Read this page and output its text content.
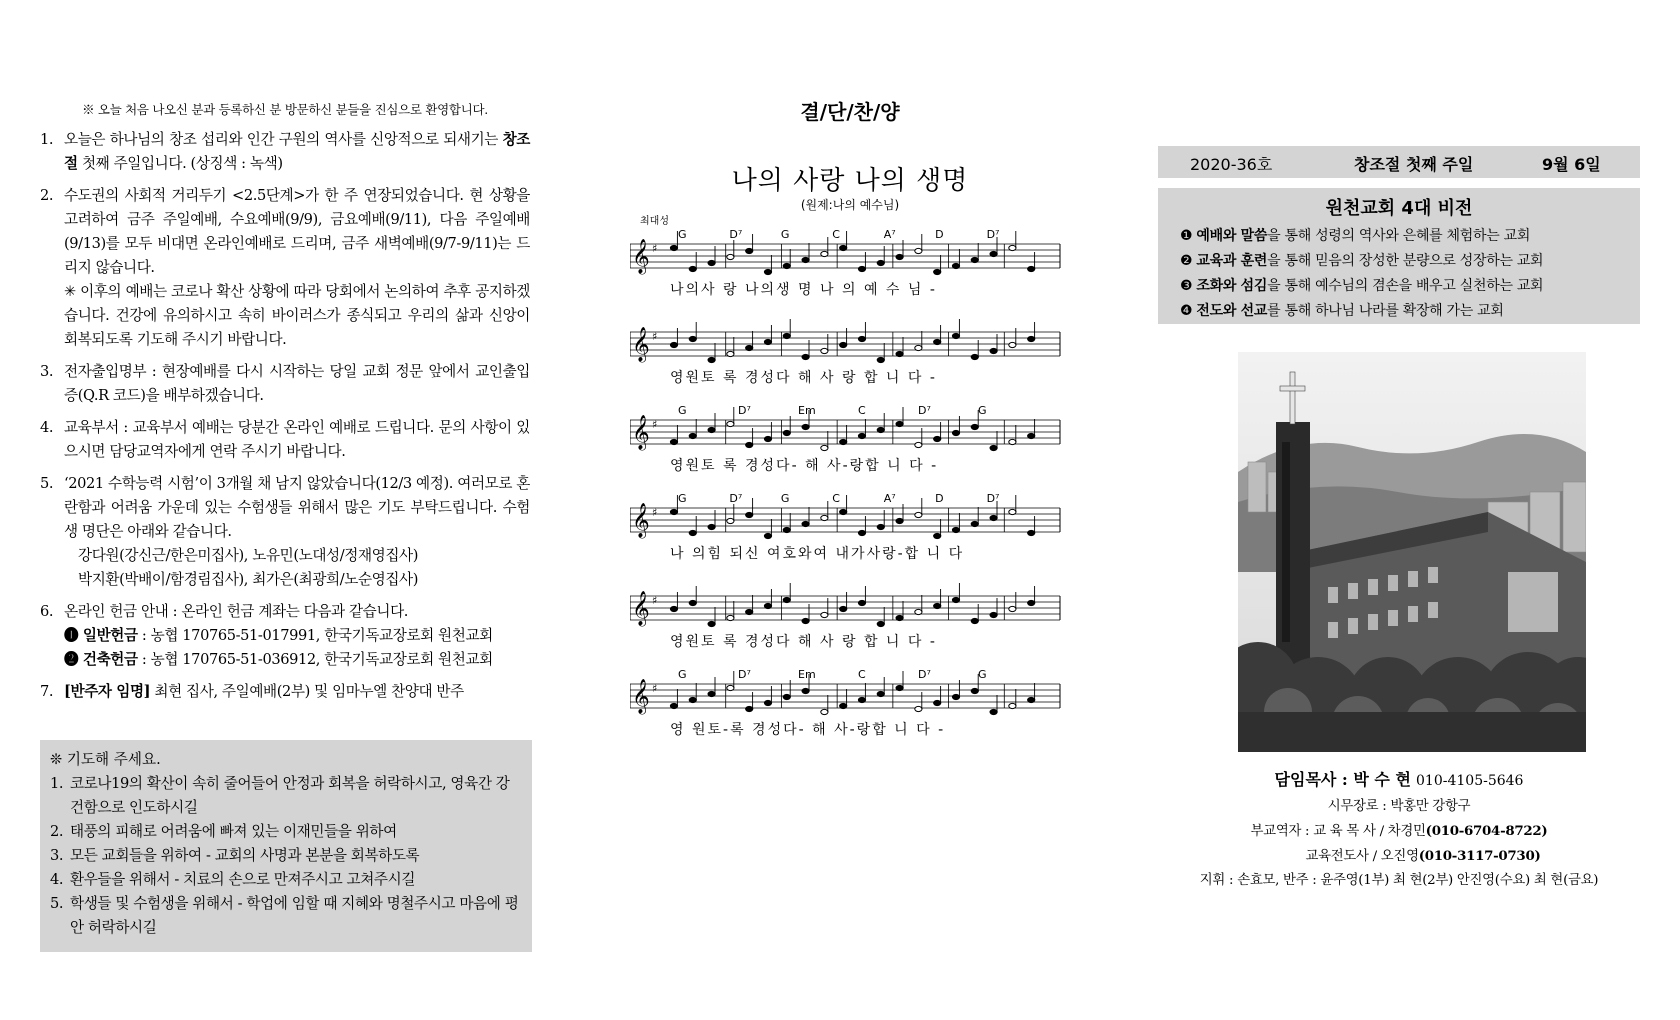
※ 오늘 처음 나오신 분과 등록하신 분 방문하신 분들을 진심으로 환영합니다.

1. 오늘은 하나님의 창조 섭리와 인간 구원의 역사를 신앙적으로 되새기는 창조절 첫째 주일입니다. (상징색 : 녹색)

2. 수도권의 사회적 거리두기 <2.5단계>가 한 주 연장되었습니다. 현 상황을 고려하여 금주 주일예배, 수요예배(9/9), 금요예배(9/11), 다음 주일예배(9/13)를 모두 비대면 온라인예배로 드리며, 금주 새벽예배(9/7-9/11)는 드리지 않습니다.

✳ 이후의 예배는 코로나 확산 상황에 따라 당회에서 논의하여 추후 공지하겠습니다. 건강에 유의하시고 속히 바이러스가 종식되고 우리의 삶과 신앙이 회복되도록 기도해 주시기 바랍니다.

3. 전자출입명부 : 현장예배를 다시 시작하는 당일 교회 정문 앞에서 교인출입증(Q.R 코드)을 배부하겠습니다.

4. 교육부서 : 교육부서 예배는 당분간 온라인 예배로 드립니다. 문의 사항이 있으시면 담당교역자에게 연락 주시기 바랍니다.

5. ‘2021 수학능력 시험’이 3개월 채 남지 않았습니다(12/3 예정). 여러모로 혼란함과 어려움 가운데 있는 수험생들 위해서 많은 기도 부탁드립니다. 수험생 명단은 아래와 같습니다.

강다원(강신근/한은미집사), 노유민(노대성/정재영집사)

박지환(박배이/함경림집사), 최가은(최광희/노순영집사)

6. 온라인 헌금 안내 : 온라인 헌금 계좌는 다음과 같습니다.

❶ 일반헌금 : 농협 170765-51-017991, 한국기독교장로회 원천교회

❷ 건축헌금 : 농협 170765-51-036912, 한국기독교장로회 원천교회

7. [반주자 임명] 최현 집사, 주일예배(2부) 및 임마누엘 찬양대 반주

❊ 기도해 주세요.

1. 코로나19의 확산이 속히 줄어들어 안정과 회복을 허락하시고, 영육간 강건함으로 인도하시길
2. 태풍의 피해로 어려움에 빠져 있는 이재민들을 위하여
3. 모든 교회들을 위하여 - 교회의 사명과 본분을 회복하도록
4. 환우들을 위해서 - 치료의 손으로 만져주시고 고쳐주시길
5. 학생들 및 수험생을 위해서 - 학업에 임할 때 지혜와 명철주시고 마음에 평안 허락하시길
결/단/찬/양
나의 사랑 나의 생명
(원제:나의 예수님)
최대성
G	D⁷	G	C	A⁷	D	D⁷
𝄞 ♯
나의사 랑 나의생 명 나 의 예 수 님 -
𝄞 ♯
영원토 록 경성다 해 사 랑 합 니 다 -
G	D⁷	Em	C	D⁷	G
𝄞 ♯
영원토 록 경성다- 해 사-랑합 니 다 -
G	D⁷	G	C	A⁷	D	D⁷
𝄞 ♯
나 의힘 되신 여호와여 내가사랑-합 니 다
𝄞 ♯
영원토 록 경성다 해 사 랑 합 니 다 -
G	D⁷	Em	C	D⁷	G
𝄞 ♯
영 원토-록 경성다- 해 사-랑합 니 다 -
2020-36호	창조절 첫째 주일	9월 6일
원천교회 4대 비전
❶ 예배와 말씀을 통해 성령의 역사와 은혜를 체험하는 교회
❷ 교육과 훈련을 통해 믿음의 장성한 분량으로 성장하는 교회
❸ 조화와 섬김을 통해 예수님의 겸손을 배우고 실천하는 교회
❹ 전도와 선교를 통해 하나님 나라를 확장해 가는 교회

담임목사 : 박 수 현 010-4105-5646

시무장로 : 박홍만 강항구

부교역자 : 교 육 목 사 / 차경민(010-6704-8722)

교육전도사 / 오진영(010-3117-0730)

지휘 : 손효모, 반주 : 윤주영(1부) 최 현(2부) 안진영(수요) 최 현(금요)
